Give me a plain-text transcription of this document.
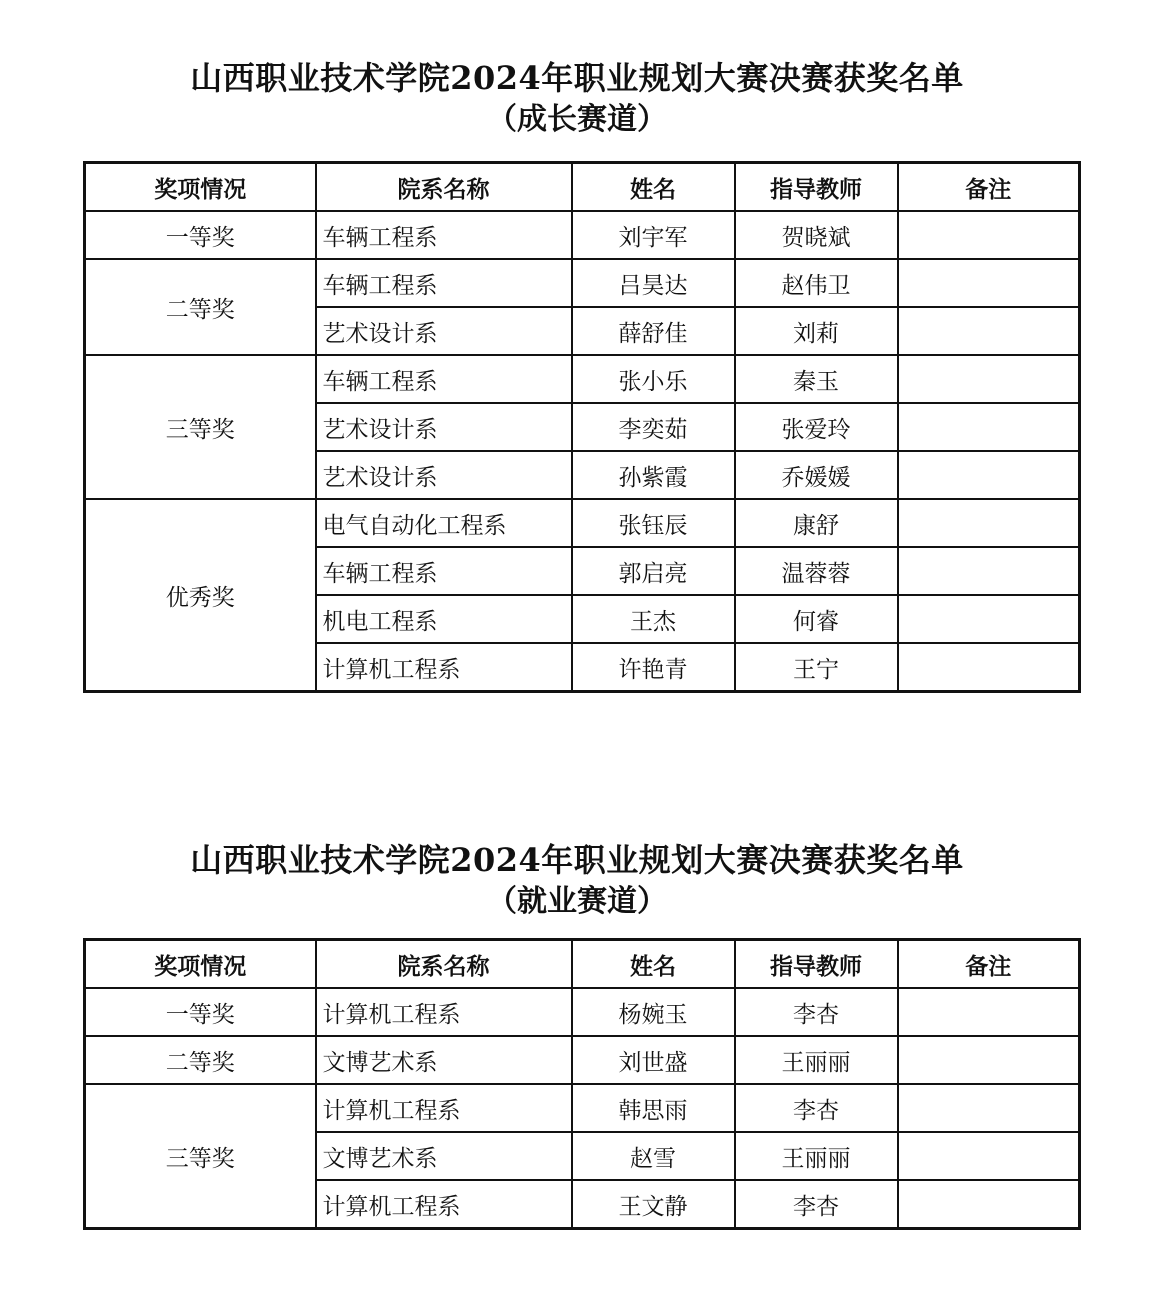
山西职业技术学院2024年职业规划大赛决赛获奖名单
（成长赛道）
奖项情况	院系名称	姓名	指导教师	备注
一等奖	车辆工程系	刘宇军	贺晓斌	
二等奖	车辆工程系	吕昊达	赵伟卫	
	艺术设计系	薛舒佳	刘莉	
三等奖	车辆工程系	张小乐	秦玉	
	艺术设计系	李奕茹	张爱玲	
	艺术设计系	孙紫霞	乔媛媛	
优秀奖	电气自动化工程系	张钰辰	康舒	
	车辆工程系	郭启亮	温蓉蓉	
	机电工程系	王杰	何睿	
	计算机工程系	许艳青	王宁	
山西职业技术学院2024年职业规划大赛决赛获奖名单
（就业赛道）
奖项情况	院系名称	姓名	指导教师	备注
一等奖	计算机工程系	杨婉玉	李杏	
二等奖	文博艺术系	刘世盛	王丽丽	
三等奖	计算机工程系	韩思雨	李杏	
	文博艺术系	赵雪	王丽丽	
	计算机工程系	王文静	李杏	
